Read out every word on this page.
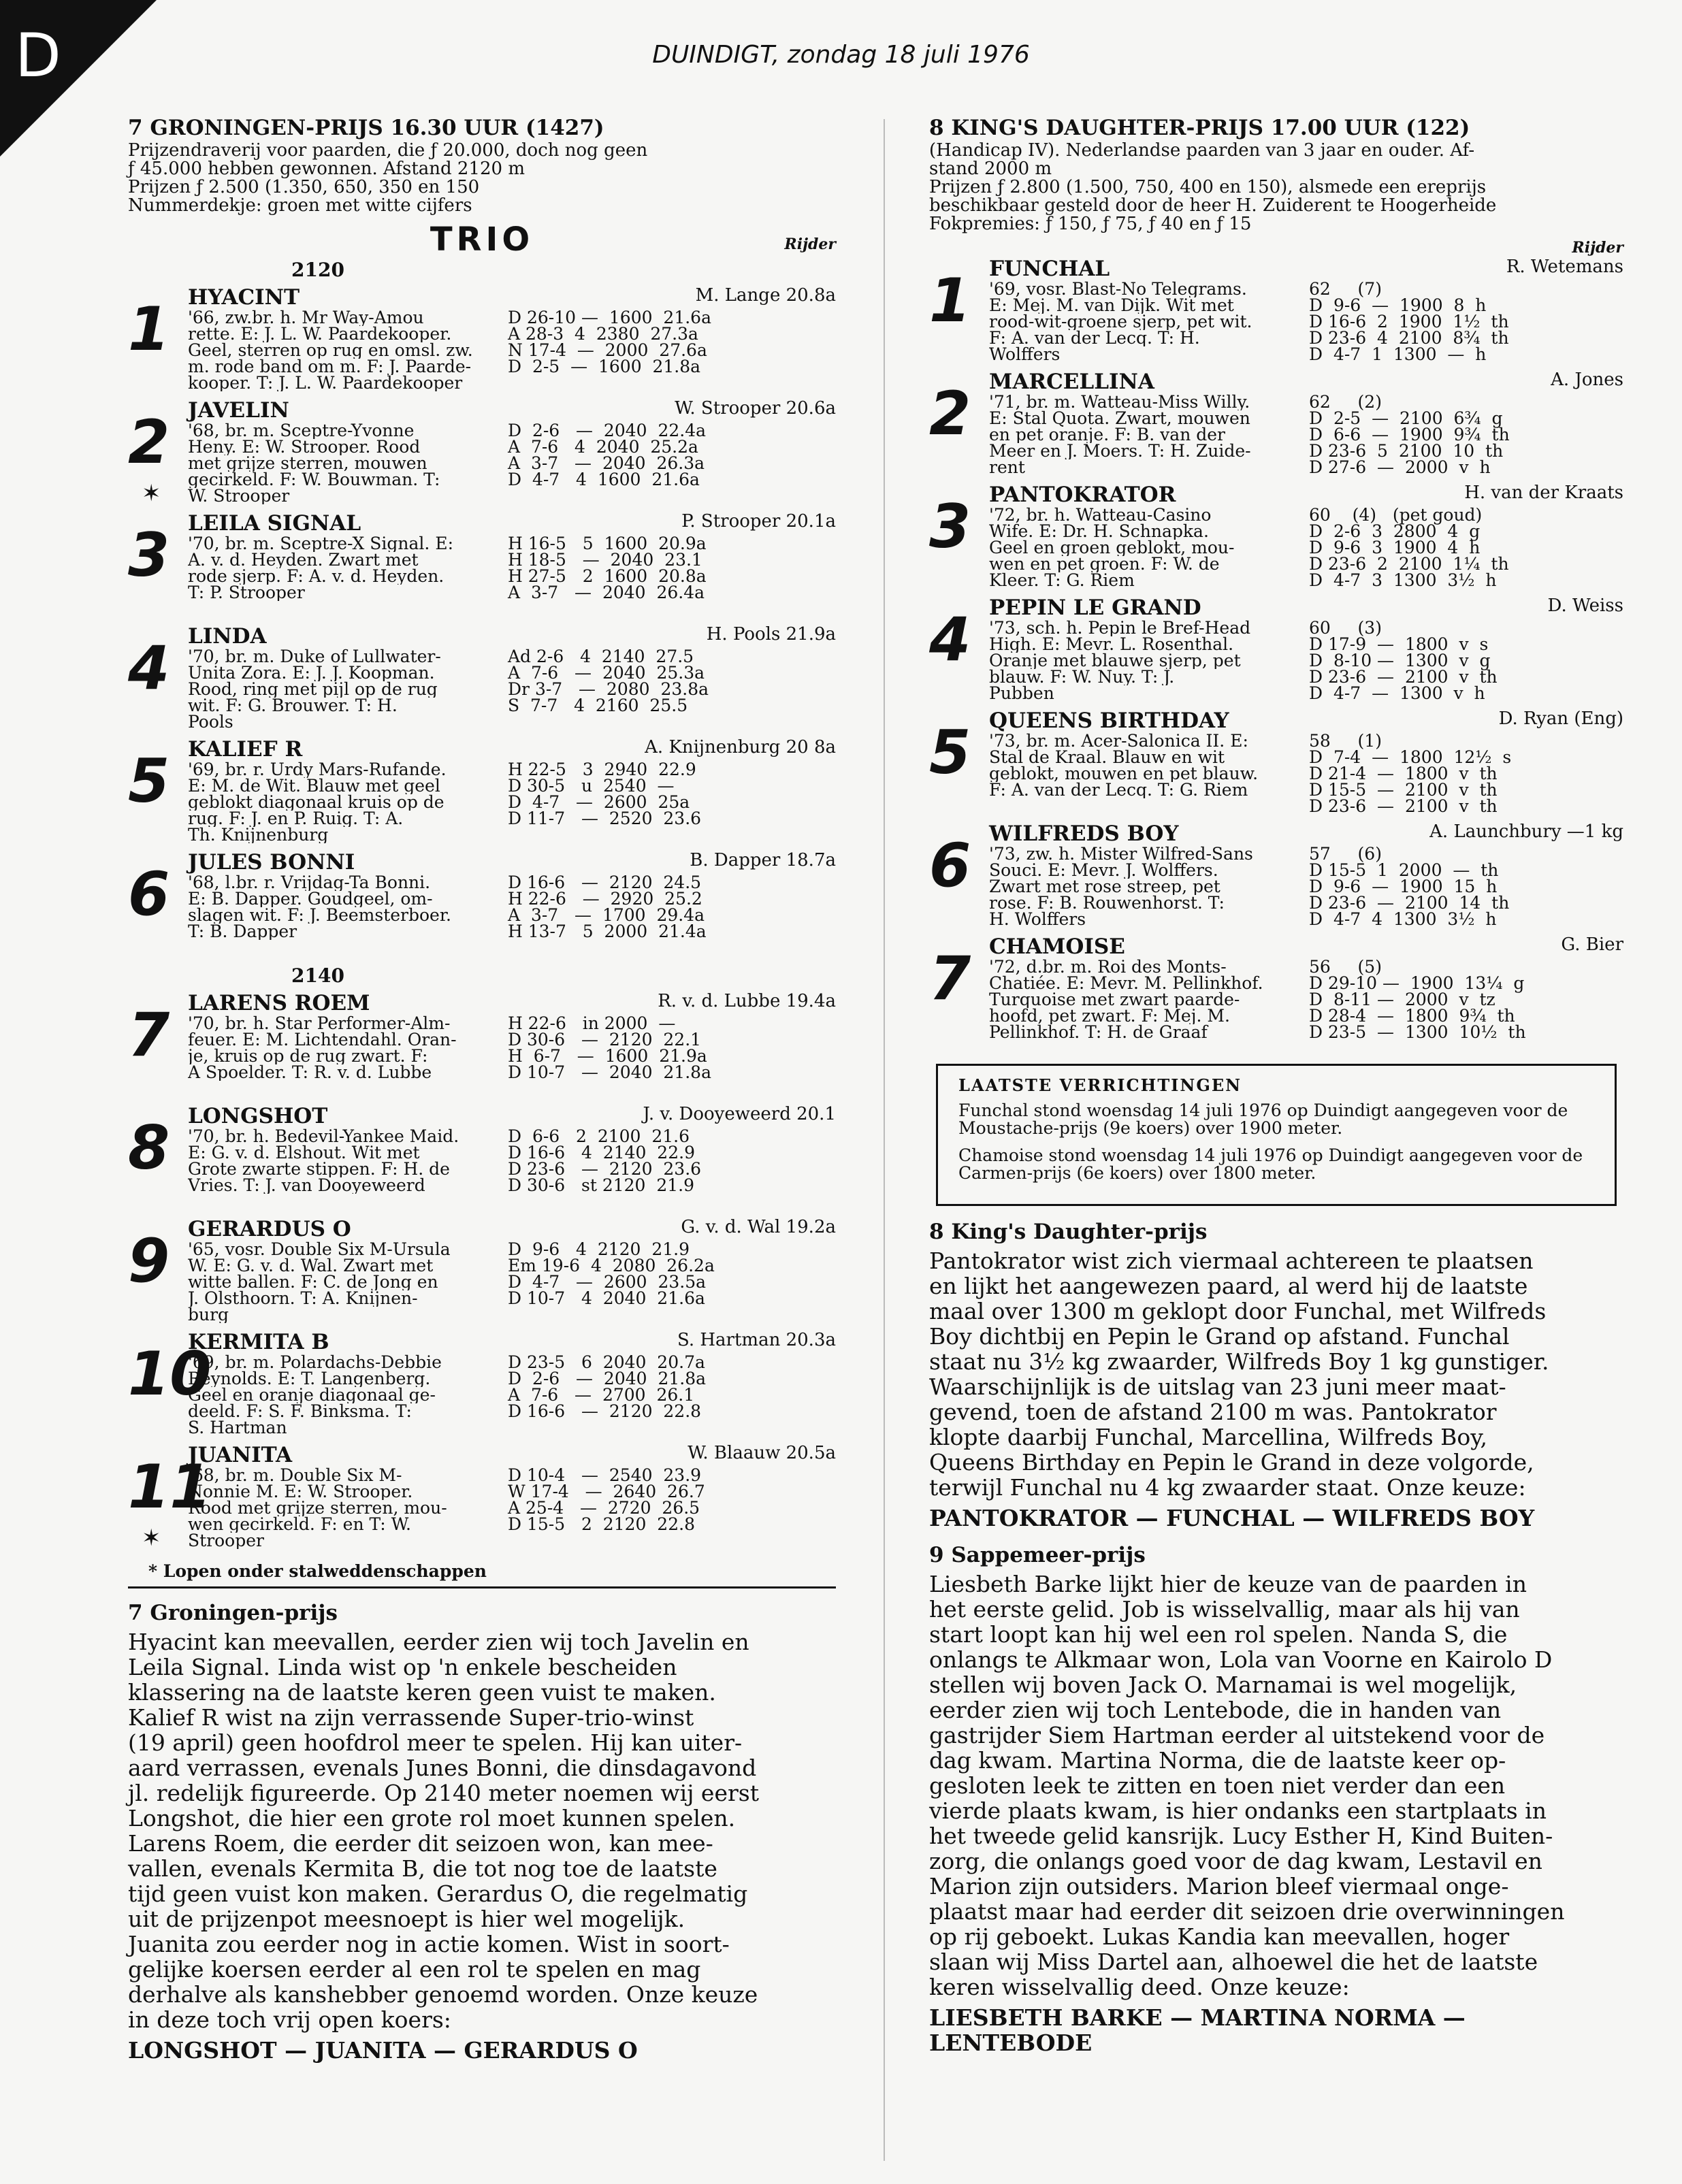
D	DUINDIGT, zondag 18 juli 1976

7 GRONINGEN-PRIJS 16.30 UUR (1427)

Prijzendraverij voor paarden, die ƒ 20.000, doch nog geen
ƒ 45.000 hebben gewonnen. Afstand 2120 m
Prijzen ƒ 2.500 (1.350, 650, 350 en 150
Nummerdekje: groen met witte cijfers

TRIO	Rijder
2120
1 HYACINT	M. Lange 20.8a
'66, zw.br. h. Mr Way-Amou	D 26-10 —  1600  21.6a
rette. E: J. L. W. Paardekooper.	A 28-3  4  2380  27.3a
Geel, sterren op rug en omsl. zw.	N 17-4  —  2000  27.6a
m. rode band om m. F: J. Paarde-	D  2-5  —  1600  21.8a
kooper. T: J. L. W. Paardekooper
2
✶
JAVELIN	W. Strooper 20.6a
'68, br. m. Sceptre-Yvonne	D  2-6   —  2040  22.4a
Heny. E: W. Strooper. Rood	A  7-6   4  2040  25.2a
met grijze sterren, mouwen	A  3-7   —  2040  26.3a
gecirkeld. F: W. Bouwman. T:	D  4-7   4  1600  21.6a
W. Strooper
3 LEILA SIGNAL	P. Strooper 20.1a
'70, br. m. Sceptre-X Signal. E:	H 16-5   5  1600  20.9a
A. v. d. Heyden. Zwart met	H 18-5   —  2040  23.1
rode sjerp. F: A. v. d. Heyden.	H 27-5   2  1600  20.8a
T: P. Strooper	A  3-7   —  2040  26.4a
4 LINDA	H. Pools 21.9a
'70, br. m. Duke of Lullwater-	Ad 2-6   4  2140  27.5
Unita Zora. E: J. J. Koopman.	A  7-6   —  2040  25.3a
Rood, ring met pijl op de rug	Dr 3-7   —  2080  23.8a
wit. F: G. Brouwer. T: H.	S  7-7   4  2160  25.5
Pools
5 KALIEF R	A. Knijnenburg 20 8a
'69, br. r. Urdy Mars-Rufande.	H 22-5   3  2940  22.9
E: M. de Wit. Blauw met geel	D 30-5   u  2540  —
geblokt diagonaal kruis op de	D  4-7   —  2600  25a
rug. F: J. en P. Ruig. T: A.	D 11-7   —  2520  23.6
Th. Knijnenburg
6 JULES BONNI	B. Dapper 18.7a
'68, l.br. r. Vrijdag-Ta Bonni.	D 16-6   —  2120  24.5
E: B. Dapper. Goudgeel, om-	H 22-6   —  2920  25.2
slagen wit. F: J. Beemsterboer.	A  3-7   —  1700  29.4a
T: B. Dapper	H 13-7   5  2000  21.4a
2140
7 LARENS ROEM	R. v. d. Lubbe 19.4a
'70, br. h. Star Performer-Alm-	H 22-6   in 2000  —
feuer. E: M. Lichtendahl. Oran-	D 30-6   —  2120  22.1
je, kruis op de rug zwart. F:	H  6-7   —  1600  21.9a
A Spoelder. T: R. v. d. Lubbe	D 10-7   —  2040  21.8a
8 LONGSHOT	J. v. Dooyeweerd 20.1
'70, br. h. Bedevil-Yankee Maid.	D  6-6   2  2100  21.6
E: G. v. d. Elshout. Wit met	D 16-6   4  2140  22.9
Grote zwarte stippen. F: H. de	D 23-6   —  2120  23.6
Vries. T: J. van Dooyeweerd	D 30-6   st 2120  21.9
9 GERARDUS O	G. v. d. Wal 19.2a
'65, vosr. Double Six M-Ursula	D  9-6   4  2120  21.9
W. E: G. v. d. Wal. Zwart met	Em 19-6  4  2080  26.2a
witte ballen. F: C. de Jong en	D  4-7   —  2600  23.5a
J. Olsthoorn. T: A. Knijnen-	D 10-7   4  2040  21.6a
burg
10
KERMITA B	S. Hartman 20.3a
'69, br. m. Polardachs-Debbie	D 23-5   6  2040  20.7a
Reynolds. E: T. Langenberg.	D  2-6   —  2040  21.8a
Geel en oranje diagonaal ge-	A  7-6   —  2700  26.1
deeld. F: S. F. Binksma. T:	D 16-6   —  2120  22.8
S. Hartman
11
✶
JUANITA	W. Blaauw 20.5a
'68, br. m. Double Six M-	D 10-4   —  2540  23.9
Nonnie M. E: W. Strooper.	W 17-4   —  2640  26.7
Rood met grijze sterren, mou-	A 25-4   —  2720  26.5
wen gecirkeld. F: en T: W.	D 15-5   2  2120  22.8
Strooper
* Lopen onder stalweddenschappen
7 Groningen-prijs

Hyacint kan meevallen, eerder zien wij toch Javelin en

Leila Signal. Linda wist op 'n enkele bescheiden

klassering na de laatste keren geen vuist te maken.

Kalief R wist na zijn verrassende Super-trio-winst

(19 april) geen hoofdrol meer te spelen. Hij kan uiter-

aard verrassen, evenals Junes Bonni, die dinsdagavond

jl. redelijk figureerde. Op 2140 meter noemen wij eerst

Longshot, die hier een grote rol moet kunnen spelen.

Larens Roem, die eerder dit seizoen won, kan mee-

vallen, evenals Kermita B, die tot nog toe de laatste

tijd geen vuist kon maken. Gerardus O, die regelmatig

uit de prijzenpot meesnoept is hier wel mogelijk.

Juanita zou eerder nog in actie komen. Wist in soort-

gelijke koersen eerder al een rol te spelen en mag

derhalve als kanshebber genoemd worden. Onze keuze

in deze toch vrij open koers:

LONGSHOT — JUANITA — GERARDUS O

8 KING'S DAUGHTER-PRIJS 17.00 UUR (122)

(Handicap IV). Nederlandse paarden van 3 jaar en ouder. Af-
stand 2000 m
Prijzen ƒ 2.800 (1.500, 750, 400 en 150), alsmede een ereprijs
beschikbaar gesteld door de heer H. Zuiderent te Hoogerheide
Fokpremies: ƒ 150, ƒ 75, ƒ 40 en ƒ 15
Rijder
1 FUNCHAL	R. Wetemans
'69, vosr. Blast-No Telegrams.	62     (7)
E: Mej. M. van Dijk. Wit met	D  9-6  —  1900  8  h
rood-wit-groene sjerp, pet wit.	D 16-6  2  1900  1½  th
F: A. van der Lecq. T: H.	D 23-6  4  2100  8¾  th
Wolffers	D  4-7  1  1300  —  h
2 MARCELLINA	A. Jones
'71, br. m. Watteau-Miss Willy.	62     (2)
E: Stal Quota. Zwart, mouwen	D  2-5  —  2100  6¾  g
en pet oranje. F: B. van der	D  6-6  —  1900  9¾  th
Meer en J. Moers. T: H. Zuide-	D 23-6  5  2100  10  th
rent	D 27-6  —  2000  v  h
3 PANTOKRATOR	H. van der Kraats
'72, br. h. Watteau-Casino	60    (4)   (pet goud)
Wife. E: Dr. H. Schnapka.	D  2-6  3  2800  4  g
Geel en groen geblokt, mou-	D  9-6  3  1900  4  h
wen en pet groen. F: W. de	D 23-6  2  2100  1¼  th
Kleer. T: G. Riem	D  4-7  3  1300  3½  h
4 PEPIN LE GRAND	D. Weiss
'73, sch. h. Pepin le Bref-Head	60     (3)
High. E: Mevr. L. Rosenthal.	D 17-9  —  1800  v  s
Oranje met blauwe sjerp, pet	D  8-10 —  1300  v  g
blauw. F: W. Nuy. T: J.	D 23-6  —  2100  v  th
Pubben	D  4-7  —  1300  v  h
5 QUEENS BIRTHDAY	D. Ryan (Eng)
'73, br. m. Acer-Salonica II. E:	58     (1)
Stal de Kraal. Blauw en wit	D  7-4  —  1800  12½  s
geblokt, mouwen en pet blauw.	D 21-4  —  1800  v  th
F: A. van der Lecq. T: G. Riem	D 15-5  —  2100  v  th
D 23-6  —  2100  v  th
6 WILFREDS BOY	A. Launchbury —1 kg
'73, zw. h. Mister Wilfred-Sans	57     (6)
Souci. E: Mevr. J. Wolffers.	D 15-5  1  2000  —  th
Zwart met rose streep, pet	D  9-6  —  1900  15  h
rose. F: B. Rouwenhorst. T:	D 23-6  —  2100  14  th
H. Wolffers	D  4-7  4  1300  3½  h
7 CHAMOISE	G. Bier
'72, d.br. m. Roi des Monts-	56     (5)
Chatiée. E: Mevr. M. Pellinkhof.	D 29-10 —  1900  13¼  g
Turquoise met zwart paarde-	D  8-11 —  2000  v  tz
hoofd, pet zwart. F: Mej. M.	D 28-4  —  1800  9¾  th
Pellinkhof. T: H. de Graaf	D 23-5  —  1300  10½  th
LAATSTE VERRICHTINGEN

Funchal stond woensdag 14 juli 1976 op Duindigt aangegeven voor de Moustache-prijs (9e koers) over 1900 meter.

Chamoise stond woensdag 14 juli 1976 op Duindigt aangegeven voor de Carmen-prijs (6e koers) over 1800 meter.

8 King's Daughter-prijs

Pantokrator wist zich viermaal achtereen te plaatsen

en lijkt het aangewezen paard, al werd hij de laatste

maal over 1300 m geklopt door Funchal, met Wilfreds

Boy dichtbij en Pepin le Grand op afstand. Funchal

staat nu 3½ kg zwaarder, Wilfreds Boy 1 kg gunstiger.

Waarschijnlijk is de uitslag van 23 juni meer maat-

gevend, toen de afstand 2100 m was. Pantokrator

klopte daarbij Funchal, Marcellina, Wilfreds Boy,

Queens Birthday en Pepin le Grand in deze volgorde,

terwijl Funchal nu 4 kg zwaarder staat. Onze keuze:

PANTOKRATOR — FUNCHAL — WILFREDS BOY
9 Sappemeer-prijs

Liesbeth Barke lijkt hier de keuze van de paarden in

het eerste gelid. Job is wisselvallig, maar als hij van

start loopt kan hij wel een rol spelen. Nanda S, die

onlangs te Alkmaar won, Lola van Voorne en Kairolo D

stellen wij boven Jack O. Marnamai is wel mogelijk,

eerder zien wij toch Lentebode, die in handen van

gastrijder Siem Hartman eerder al uitstekend voor de

dag kwam. Martina Norma, die de laatste keer op-

gesloten leek te zitten en toen niet verder dan een

vierde plaats kwam, is hier ondanks een startplaats in

het tweede gelid kansrijk. Lucy Esther H, Kind Buiten-

zorg, die onlangs goed voor de dag kwam, Lestavil en

Marion zijn outsiders. Marion bleef viermaal onge-

plaatst maar had eerder dit seizoen drie overwinningen

op rij geboekt. Lukas Kandia kan meevallen, hoger

slaan wij Miss Dartel aan, alhoewel die het de laatste

keren wisselvallig deed. Onze keuze:

LIESBETH BARKE — MARTINA NORMA — LENTEBODE
